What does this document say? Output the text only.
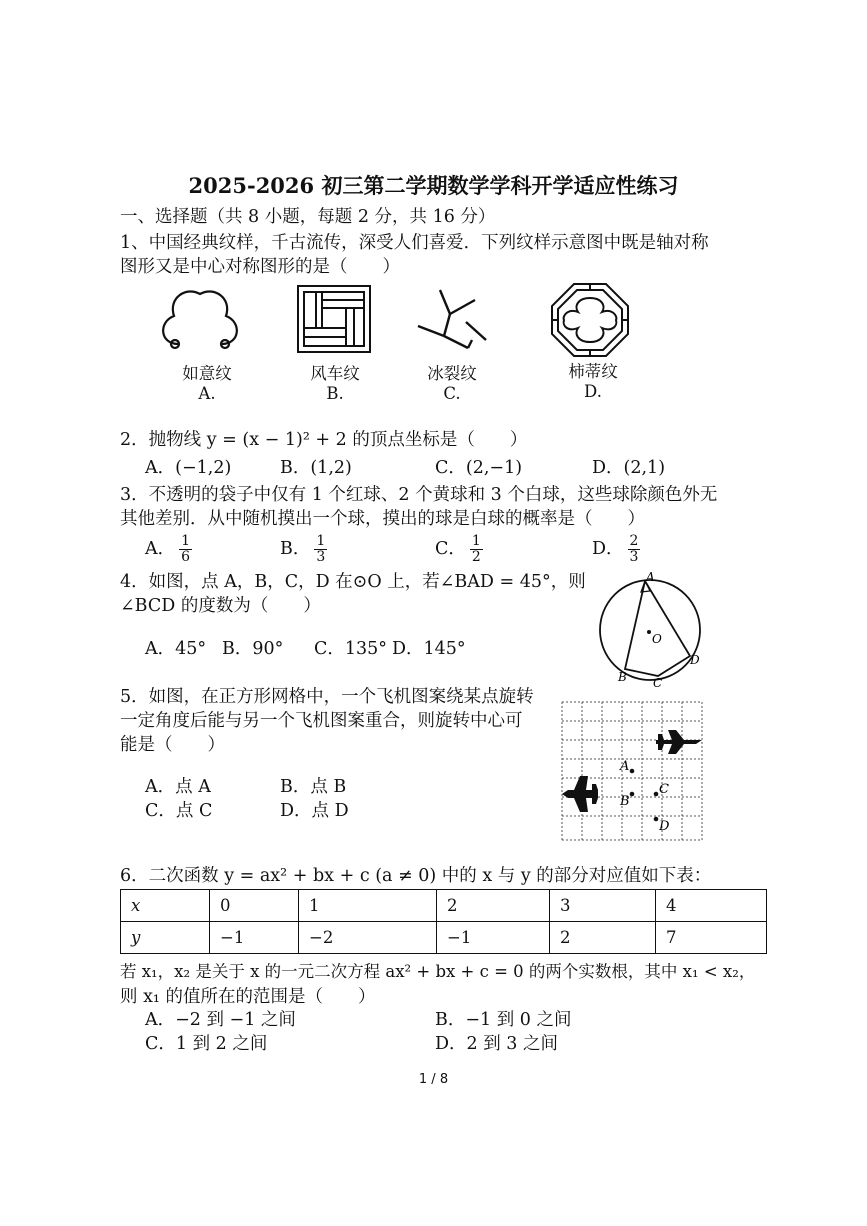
2025-2026 初三第二学期数学学科开学适应性练习
一、选择题（共 8 小题，每题 2 分，共 16 分）
1、中国经典纹样，千古流传，深受人们喜爱．下列纹样示意图中既是轴对称
图形又是中心对称图形的是（　　）
如意纹	风车纹	冰裂纹	柿蒂纹
A.	B.	C.	D.
2．抛物线 y = (x − 1)² + 2 的顶点坐标是（　　）
A．(−1,2)	B．(1,2)	C．(2,−1)	D．(2,1)
3．不透明的袋子中仅有 1 个红球、2 个黄球和 3 个白球，这些球除颜色外无
其他差别．从中随机摸出一个球，摸出的球是白球的概率是（　　）
A． $\frac{1}{6}$	B． $\frac{1}{3}$	C． $\frac{1}{2}$	D． $\frac{2}{3}$
4．如图，点 A，B，C，D 在⊙O 上，若∠BAD = 45°，则
∠BCD 的度数为（　　）
A．45° B．90° C．135° D．145°
A
O
B C
D
5．如图，在正方形网格中，一个飞机图案绕某点旋转
一定角度后能与另一个飞机图案重合，则旋转中心可
能是（　　）
A．点 A	B．点 B
C．点 C	D．点 D
A
B
C
D
6．二次函数 y = ax² + bx + c (a ≠ 0) 中的 x 与 y 的部分对应值如下表：
x	0	1	2	3	4
y	−1	−2	−1	2	7
若 x₁，x₂ 是关于 x 的一元二次方程 ax² + bx + c = 0 的两个实数根，其中 x₁ < x₂，
则 x₁ 的值所在的范围是（　　）
A．−2 到 −1 之间	B．−1 到 0 之间
C．1 到 2 之间	D．2 到 3 之间
1 / 8
